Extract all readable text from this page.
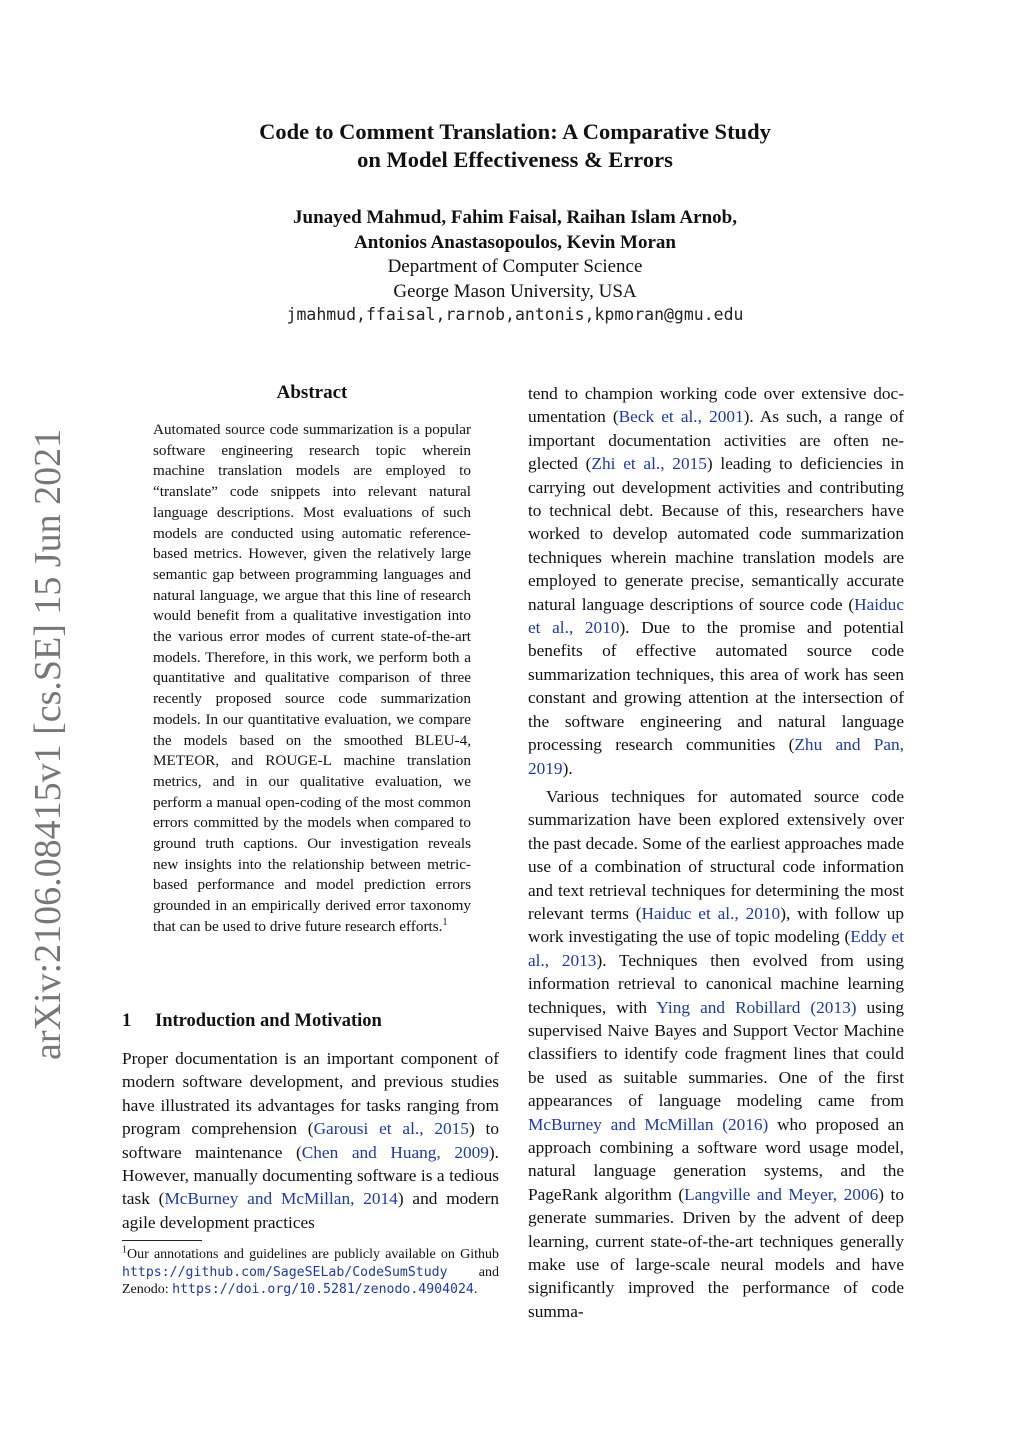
arXiv:2106.08415v1 [cs.SE] 15 Jun 2021
Code to Comment Translation: A Comparative Study
on Model Effectiveness & Errors
Junayed Mahmud, Fahim Faisal, Raihan Islam Arnob,
Antonios Anastasopoulos, Kevin Moran
Department of Computer Science
George Mason University, USA
jmahmud,ffaisal,rarnob,antonis,kpmoran@gmu.edu
Abstract
Automated source code summarization is a popular software engineering research topic wherein machine translation models are employed to “translate” code snippets into relevant natural language descriptions. Most evaluations of such models are conducted using automatic reference-based metrics. However, given the relatively large semantic gap between programming languages and natural language, we argue that this line of research would benefit from a qualitative investigation into the various error modes of current state-of-the-art models. Therefore, in this work, we perform both a quantitative and qualitative comparison of three recently proposed source code summarization models. In our quantitative evaluation, we compare the models based on the smoothed BLEU-4, METEOR, and ROUGE-L machine translation metrics, and in our qualitative evaluation, we perform a manual open-coding of the most common errors committed by the models when compared to ground truth captions. Our investigation reveals new insights into the relationship between metric-based performance and model prediction errors grounded in an empirically derived error taxonomy that can be used to drive future research efforts.$^1$
1 Introduction and Motivation
Proper documentation is an important component of modern software development, and previous studies have illustrated its advantages for tasks ranging from program comprehension (Garousi et al., 2015) to software maintenance (Chen and Huang, 2009). However, manually documenting software is a tedious task (McBurney and McMillan, 2014) and modern agile development practices
$^1$Our annotations and guidelines are publicly available on Github https://github.com/SageSELab/CodeSumStudy and Zenodo: https://doi.org/10.5281/zenodo.4904024.

tend to champion working code over extensive documentation (Beck et al., 2001). As such, a range of important documentation activities are often neglected (Zhi et al., 2015) leading to deficiencies in carrying out development activities and contributing to technical debt. Because of this, researchers have worked to develop automated code summarization techniques wherein machine translation models are employed to generate precise, semantically accurate natural language descriptions of source code (Haiduc et al., 2010). Due to the promise and potential benefits of effective automated source code summarization techniques, this area of work has seen constant and growing attention at the intersection of the software engineering and natural language processing research communities (Zhu and Pan, 2019).

Various techniques for automated source code summarization have been explored extensively over the past decade. Some of the earliest approaches made use of a combination of structural code information and text retrieval techniques for determining the most relevant terms (Haiduc et al., 2010), with follow up work investigating the use of topic modeling (Eddy et al., 2013). Techniques then evolved from using information retrieval to canonical machine learning techniques, with Ying and Robillard (2013) using supervised Naive Bayes and Support Vector Machine classifiers to identify code fragment lines that could be used as suitable summaries. One of the first appearances of language modeling came from McBurney and McMillan (2016) who proposed an approach combining a software word usage model, natural language generation systems, and the PageRank algorithm (Langville and Meyer, 2006) to generate summaries. Driven by the advent of deep learning, current state-of-the-art techniques generally make use of large-scale neural models and have significantly improved the performance of code summa-
